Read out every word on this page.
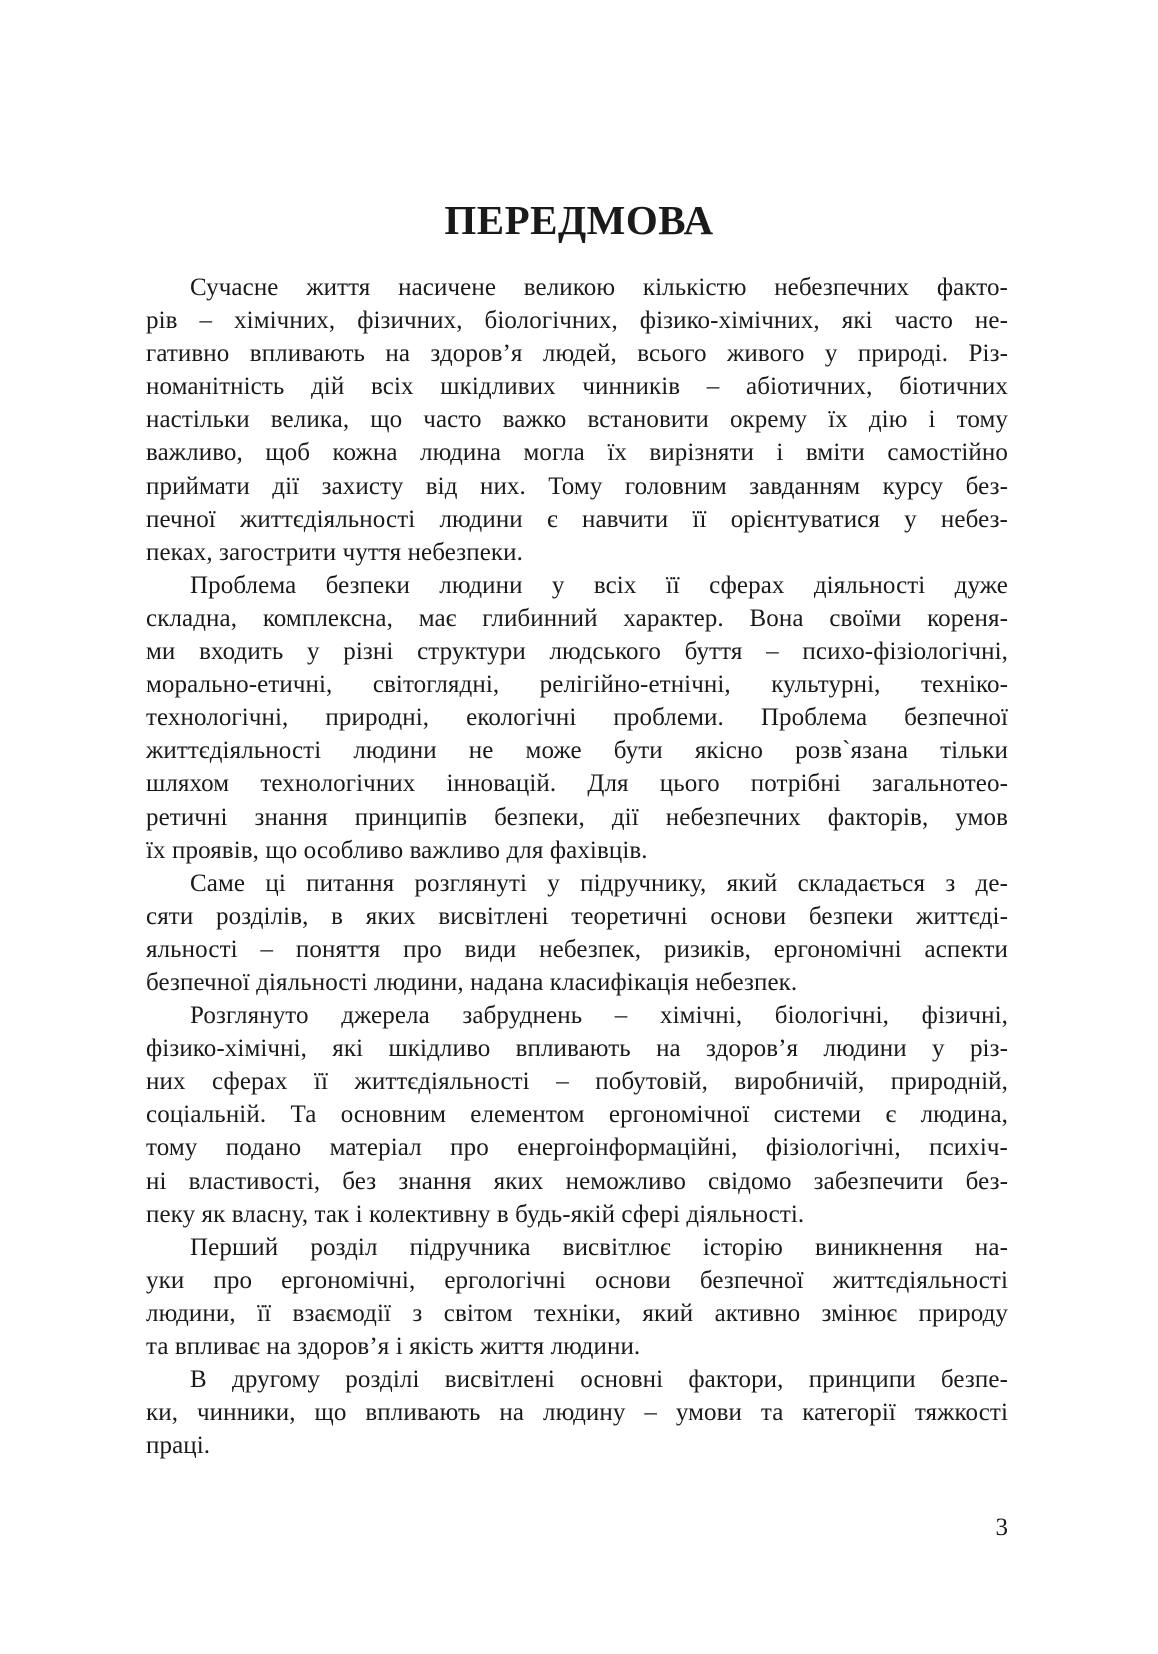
ПЕРЕДМОВА
Сучасне життя насичене великою кількістю небезпечних факто-
рів – хімічних, фізичних, біологічних, фізико-хімічних, які часто не-
гативно впливають на здоров’я людей, всього живого у природі. Різ-
номанітність дій всіх шкідливих чинників – абіотичних, біотичних
настільки велика, що часто важко встановити окрему їх дію і тому
важливо, щоб кожна людина могла їх вирізняти і вміти самостійно
приймати дії захисту від них. Тому головним завданням курсу без-
печної життєдіяльності людини є навчити її орієнтуватися у небез-
пеках, загострити чуття небезпеки.
Проблема безпеки людини у всіх її сферах діяльності дуже
складна, комплексна, має глибинний характер. Вона своїми кореня-
ми входить у різні структури людського буття – психо-фізіологічні,
морально-етичні, світоглядні, релігійно-етнічні, культурні, технiко-
технологічні, природні, екологічні проблеми. Проблема безпечної
життєдіяльності людини не може бути якісно розв`язана тільки
шляхом технологічних інновацій. Для цього потрібні загальнотео-
ретичні знання принципів безпеки, дії небезпечних факторів, умов
їх проявів, що особливо важливо для фахівців.
Саме ці питання розглянуті у підручнику, який складається з де-
сяти розділів, в яких висвітлені теоретичні основи безпеки життєді-
яльності – поняття про види небезпек, ризиків, ергономічні аспекти
безпечної діяльності людини, надана класифікація небезпек.
Розглянуто джерела забруднень – хімічні, біологічні, фізичні,
фізико-хімічні, які шкідливо впливають на здоров’я людини у різ-
них сферах її життєдіяльності – побутовій, виробничій, природній,
соціальній. Та основним елементом ергономічної системи є людина,
тому подано матеріал про енергоінформаційні, фізіологічні, психіч-
ні властивості, без знання яких неможливо свідомо забезпечити без-
пеку як власну, так і колективну в будь-якій сфері діяльності.
Перший розділ підручника висвітлює історію виникнення на-
уки про ергономічні, ергологічні основи безпечної життєдіяльності
людини, її взаємодії з світом техніки, який активно змінює природу
та впливає на здоров’я і якість життя людини.
В другому розділі висвітлені основні фактори, принципи безпе-
ки, чинники, що впливають на людину – умови та категорії тяжкості
праці.
3
